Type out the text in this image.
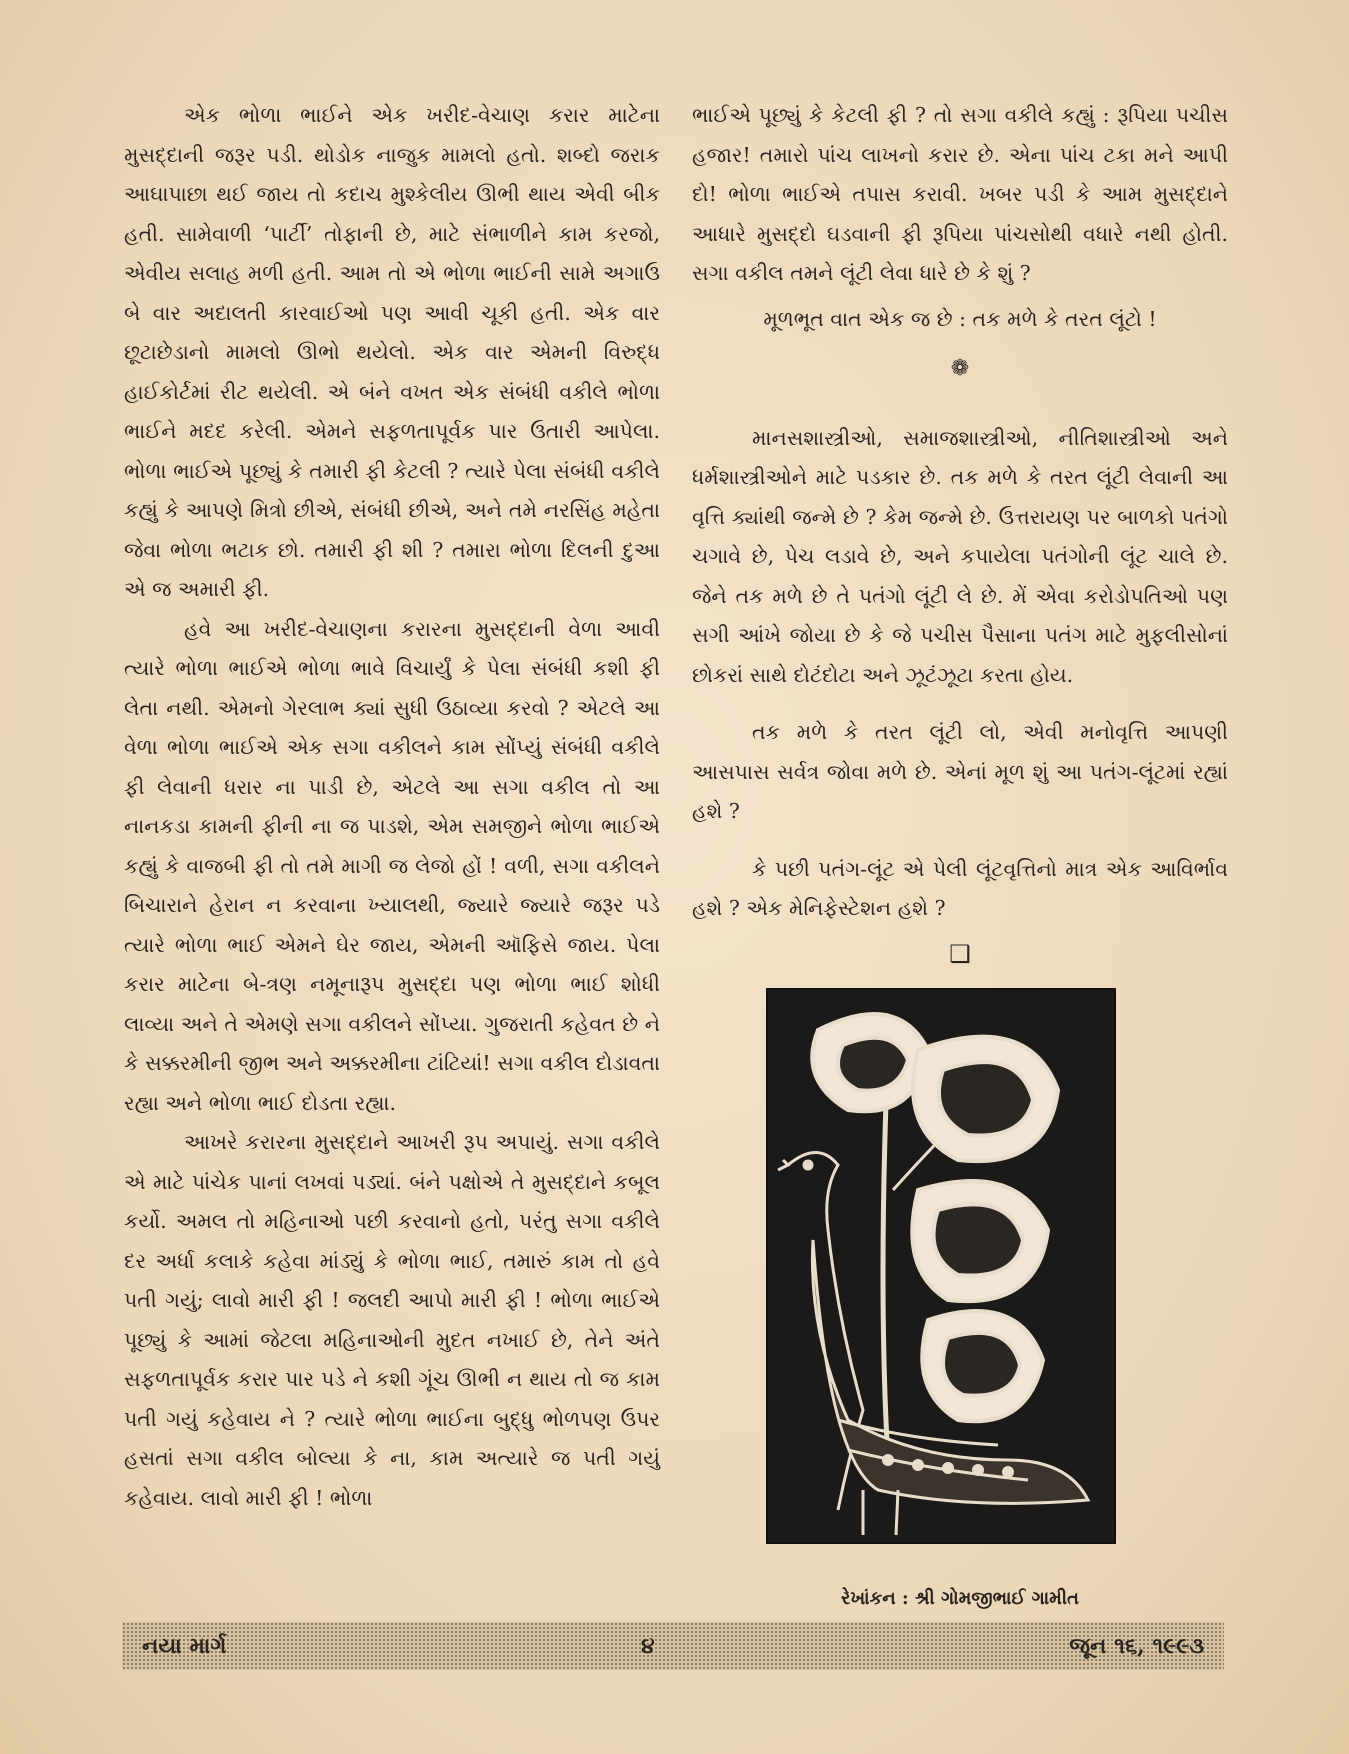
એક ભોળા ભાઈને એક ખરીદ-વેચાણ કરાર માટેના મુસદ્દાની જરૂર પડી. થોડોક નાજુક મામલો હતો. શબ્દો જરાક આઘાપાછા થઈ જાય તો કદાચ મુશ્કેલીય ઊભી થાય એવી બીક હતી. સામેવાળી ‘પાર્ટી’ તોફાની છે, માટે સંભાળીને કામ કરજો, એવીય સલાહ મળી હતી. આમ તો એ ભોળા ભાઈની સામે અગાઉ બે વાર અદાલતી કારવાઈઓ પણ આવી ચૂકી હતી. એક વાર છૂટાછેડાનો મામલો ઊભો થયેલો. એક વાર એમની વિરુદ્ધ હાઈકોર્ટમાં રીટ થયેલી. એ બંને વખત એક સંબંધી વકીલે ભોળા ભાઈને મદદ કરેલી. એમને સફળતાપૂર્વક પાર ઉતારી આપેલા. ભોળા ભાઈએ પૂછ્યું કે તમારી ફી કેટલી ? ત્યારે પેલા સંબંધી વકીલે કહ્યું કે આપણે મિત્રો છીએ, સંબંધી છીએ, અને તમે નરસિંહ મહેતા જેવા ભોળા ભટાક છો. તમારી ફી શી ? તમારા ભોળા દિલની દુઆ એ જ અમારી ફી.

હવે આ ખરીદ-વેચાણના કરારના મુસદ્દાની વેળા આવી ત્યારે ભોળા ભાઈએ ભોળા ભાવે વિચાર્યું કે પેલા સંબંધી કશી ફી લેતા નથી. એમનો ગેરલાભ ક્યાં સુધી ઉઠાવ્યા કરવો ? એટલે આ વેળા ભોળા ભાઈએ એક સગા વકીલને કામ સોંપ્યું સંબંધી વકીલે ફી લેવાની ધરાર ના પાડી છે, એટલે આ સગા વકીલ તો આ નાનકડા કામની ફીની ના જ પાડશે, એમ સમજીને ભોળા ભાઈએ કહ્યું કે વાજબી ફી તો તમે માગી જ લેજો હોં ! વળી, સગા વકીલને બિચારાને હેરાન ન કરવાના ખ્યાલથી, જ્યારે જ્યારે જરૂર પડે ત્યારે ભોળા ભાઈ એમને ઘેર જાય, એમની ઑફિસે જાય. પેલા કરાર માટેના બે-ત્રણ નમૂનારૂપ મુસદ્દા પણ ભોળા ભાઈ શોધી લાવ્યા અને તે એમણે સગા વકીલને સોંપ્યા. ગુજરાતી કહેવત છે ને કે સક્કરમીની જીભ અને અક્કરમીના ટાંટિયાં! સગા વકીલ દોડાવતા રહ્યા અને ભોળા ભાઈ દોડતા રહ્યા.

આખરે કરારના મુસદ્દાને આખરી રૂપ અપાયું. સગા વકીલે એ માટે પાંચેક પાનાં લખવાં પડ્યાં. બંને પક્ષોએ તે મુસદ્દાને કબૂલ કર્યો. અમલ તો મહિનાઓ પછી કરવાનો હતો, પરંતુ સગા વકીલે દર અર્ધા કલાકે કહેવા માંડ્યું કે ભોળા ભાઈ, તમારું કામ તો હવે પતી ગયું; લાવો મારી ફી ! જલદી આપો મારી ફી ! ભોળા ભાઈએ પૂછ્યું કે આમાં જેટલા મહિનાઓની મુદત નખાઈ છે, તેને અંતે સફળતાપૂર્વક કરાર પાર પડે ને કશી ગૂંચ ઊભી ન થાય તો જ કામ પતી ગયું કહેવાય ને ? ત્યારે ભોળા ભાઈના બુદ્ધુ ભોળપણ ઉપર હસતાં સગા વકીલ બોલ્યા કે ના, કામ અત્યારે જ પતી ગયું કહેવાય. લાવો મારી ફી ! ભોળા

ભાઈએ પૂછ્યું કે કેટલી ફી ? તો સગા વકીલે કહ્યું : રૂપિયા પચીસ હજાર! તમારો પાંચ લાખનો કરાર છે. એના પાંચ ટકા મને આપી દો! ભોળા ભાઈએ તપાસ કરાવી. ખબર પડી કે આમ મુસદ્દાને આધારે મુસદ્દો ઘડવાની ફી રૂપિયા પાંચસોથી વધારે નથી હોતી. સગા વકીલ તમને લૂંટી લેવા ધારે છે કે શું ?

મૂળભૂત વાત એક જ છે : તક મળે કે તરત લૂંટો !

❁

માનસશાસ્ત્રીઓ, સમાજશાસ્ત્રીઓ, નીતિશાસ્ત્રીઓ અને ધર્મશાસ્ત્રીઓને માટે પડકાર છે. તક મળે કે તરત લૂંટી લેવાની આ વૃત્તિ ક્યાંથી જન્મે છે ? કેમ જન્મે છે. ઉત્તરાયણ પર બાળકો પતંગો ચગાવે છે, પેચ લડાવે છે, અને કપાયેલા પતંગોની લૂંટ ચાલે છે. જેને તક મળે છે તે પતંગો લૂંટી લે છે. મેં એવા કરોડોપતિઓ પણ સગી આંખે જોયા છે કે જે પચીસ પૈસાના પતંગ માટે મુફલીસોનાં છોકરાં સાથે દોટંદોટા અને ઝૂટંઝૂટા કરતા હોય.

તક મળે કે તરત લૂંટી લો, એવી મનોવૃત્તિ આપણી આસપાસ સર્વત્ર જોવા મળે છે. એનાં મૂળ શું આ પતંગ-લૂંટમાં રહ્યાં હશે ?

કે પછી પતંગ-લૂંટ એ પેલી લૂંટવૃત્તિનો માત્ર એક આવિર્ભાવ હશે ? એક મેનિફેસ્ટેશન હશે ?

❑
રેખાંકન : શ્રી ગોમજીભાઈ ગામીત
નયા માર્ગ	૪	જૂન ૧૬, ૧૯૯૩
